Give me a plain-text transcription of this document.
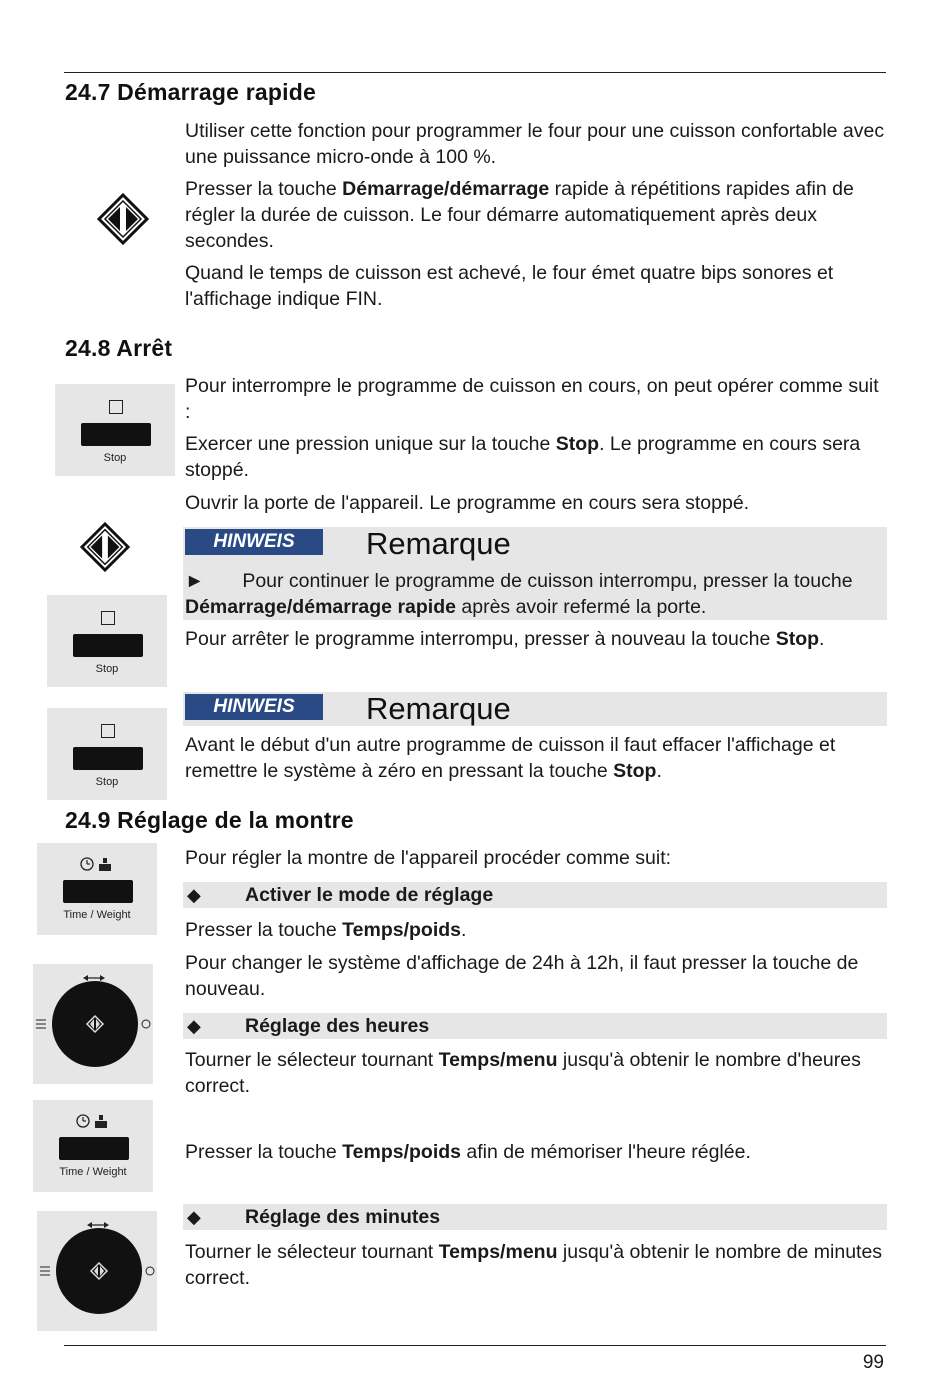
24.7 Démarrage rapide
Utiliser cette fonction pour programmer le four pour une cuisson confortable avec une puissance micro-onde à 100 %.
Presser la touche Démarrage/démarrage rapide à répétitions rapides afin de régler la durée de cuisson. Le four démarre automatiquement après deux secondes.
Quand le temps de cuisson est achevé, le four émet quatre bips sonores et l'affichage indique FIN.
24.8 Arrêt
Pour interrompre le programme de cuisson en cours, on peut opérer comme suit :
Exercer une pression unique sur la touche Stop. Le programme en cours sera stoppé.
Ouvrir la porte de l'appareil. Le programme en cours sera stoppé.
Stop
HINWEIS	Remarque
► Pour continuer le programme de cuisson interrompu, presser la touche Démarrage/démarrage rapide après avoir refermé la porte.
Pour arrêter le programme interrompu, presser à nouveau la touche Stop.
Stop
HINWEIS	Remarque
Avant le début d'un autre programme de cuisson il faut effacer l'affichage et remettre le système à zéro en pressant la touche Stop.
Stop
24.9 Réglage de la montre
Pour régler la montre de l'appareil procéder comme suit:
◆ Activer le mode de réglage
Presser la touche Temps/poids.
Pour changer le système d'affichage de 24h à 12h, il faut presser la touche de nouveau.
◆ Réglage des heures
Tourner le sélecteur tournant Temps/menu jusqu'à obtenir le nombre d'heures correct.
Presser la touche Temps/poids afin de mémoriser l'heure réglée.
◆ Réglage des minutes
Tourner le sélecteur tournant Temps/menu jusqu'à obtenir le nombre de minutes correct.
Time / Weight
Time / Weight
99
